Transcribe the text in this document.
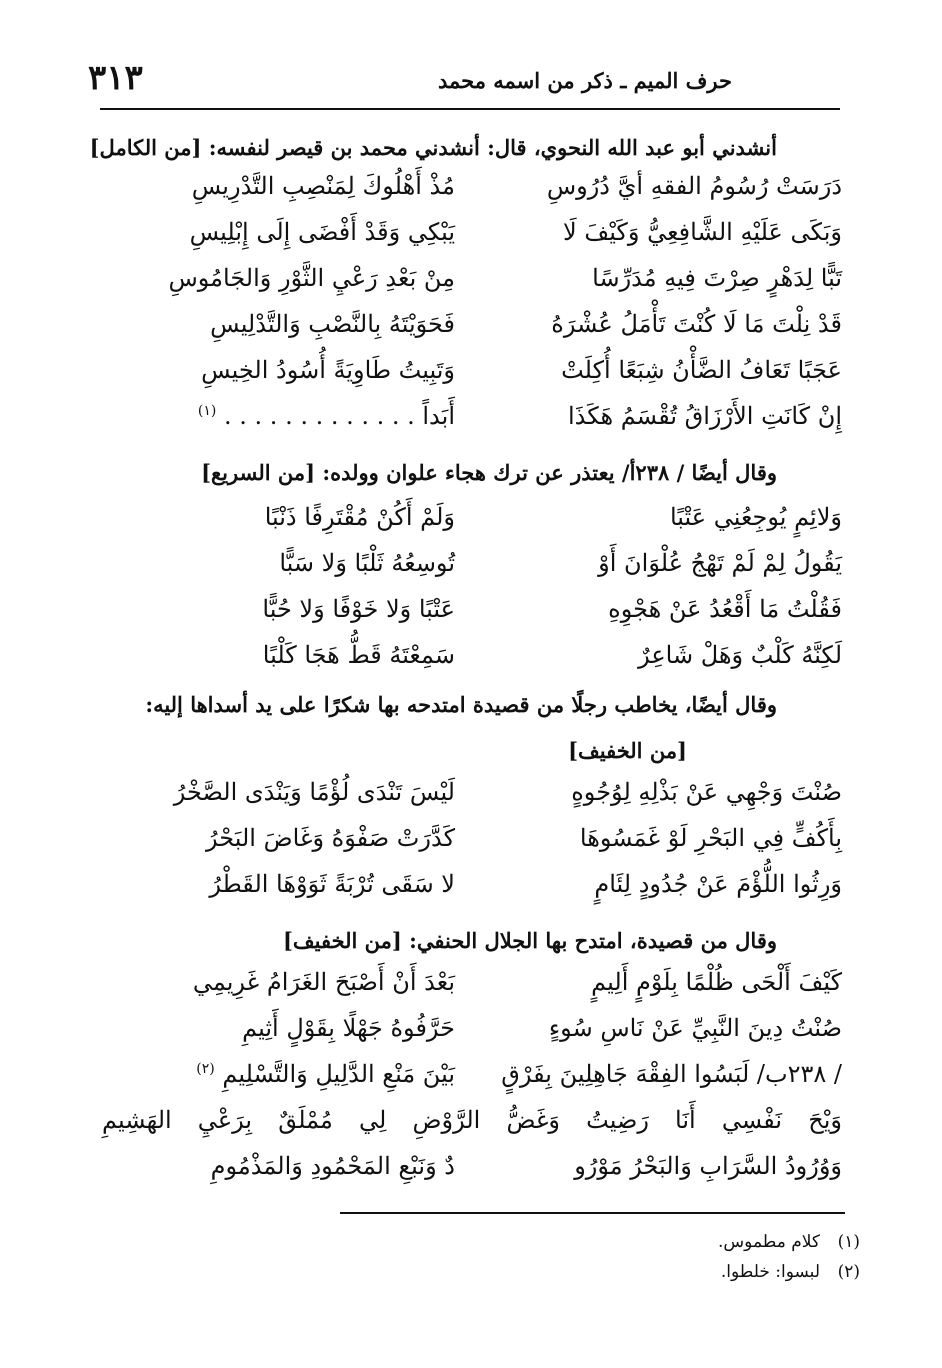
٣١٣	حرف الميم ـ ذكر من اسمه محمد
أنشدني أبو عبد الله النحوي، قال: أنشدني محمد بن قيصر لنفسه: [من الكامل]
دَرَسَتْ رُسُومُ الفقهِ أيَّ دُرُوسِ
مُذْ أَهْلُوكَ لِمَنْصِبِ التَّدْرِيسِ
وَبَكَى عَلَيْهِ الشَّافِعِيُّ وَكَيْفَ لَا
يَبْكِي وَقَدْ أَفْضَى إِلَى إِبْلِيسِ
تَبًّا لِدَهْرٍ صِرْتَ فِيهِ مُدَرِّسًا
مِنْ بَعْدِ رَعْيِ الثَّوْرِ وَالجَامُوسِ
قَدْ نِلْتَ مَا لَا كُنْتَ تَأْمَلُ عُشْرَهُ
فَحَوَيْتَهُ بِالنَّصْبِ وَالتَّدْلِيسِ
عَجَبًا تَعَافُ الضَّأْنُ شِبَعًا أُكِلَتْ
وَتَبِيتُ طَاوِيَةً أُسُودُ الخِيسِ
إِنْ كَانَتِ الأَرْزَاقُ تُقْسَمُ هَكَذَا
أَبَداً . . . . . . . . . . . . . $^{(١)}$
وقال أيضًا / ٢٣٨أ/ يعتذر عن ترك هجاء علوان وولده: [من السريع]
وَلائِمٍ يُوجِعُنِي عَتْبًا
وَلَمْ أَكُنْ مُقْتَرِفًا ذَنْبًا
يَقُولُ لِمْ لَمْ تَهْجُ عُلْوَانَ أَوْ
تُوسِعُهُ ثَلْبًا وَلا سَبًّا
فَقُلْتُ مَا أَقْعُدُ عَنْ هَجْوِهِ
عَتْبًا وَلا خَوْفًا وَلا حُبًّا
لَكِنَّهُ كَلْبٌ وَهَلْ شَاعِرٌ
سَمِعْتَهُ قَطُّ هَجَا كَلْبًا
وقال أيضًا، يخاطب رجلًا من قصيدة امتدحه بها شكرًا على يد أسداها إليه:
[من الخفيف]
صُنْتَ وَجْهِي عَنْ بَذْلِهِ لِوُجُوهٍ
لَيْسَ تَنْدَى لُؤْمًا وَيَنْدَى الصَّخْرُ
بِأَكُفٍّ فِي البَحْرِ لَوْ غَمَسُوهَا
كَدَّرَتْ صَفْوَهُ وَغَاضَ البَحْرُ
وَرِثُوا اللُّؤْمَ عَنْ جُدُودٍ لِئَامٍ
لا سَقَى تُرْبَةً ثَوَوْهَا القَطْرُ
وقال من قصيدة، امتدح بها الجلال الحنفي: [من الخفيف]
كَيْفَ أَلْحَى ظُلْمًا بِلَوْمٍ أَلِيمٍ
بَعْدَ أَنْ أَصْبَحَ الغَرَامُ غَرِيمِي
صُنْتُ دِينَ النَّبِيِّ عَنْ نَاسِ سُوءٍ
حَرَّفُوهُ جَهْلًا بِقَوْلٍ أَثِيمِ
/ ٢٣٨ب/ لَبَسُوا الفِقْهَ جَاهِلِينَ بِفَرْقٍ
بَيْنَ مَنْعِ الدَّلِيلِ وَالتَّسْلِيمِ $^{(٢)}$
وَيْحَ نَفْسِي أَنَا رَضِيتُ وَغَضُّ الرَّوْضِ لِي مُمْلَقٌ بِرَعْيِ الهَشِيمِ
وَوُرُودُ السَّرَابِ وَالبَحْرُ مَوْرُو
دٌ وَنَبْعِ المَحْمُودِ وَالمَذْمُومِ
(١)كلام مطموس.
(٢)لبسوا: خلطوا.
